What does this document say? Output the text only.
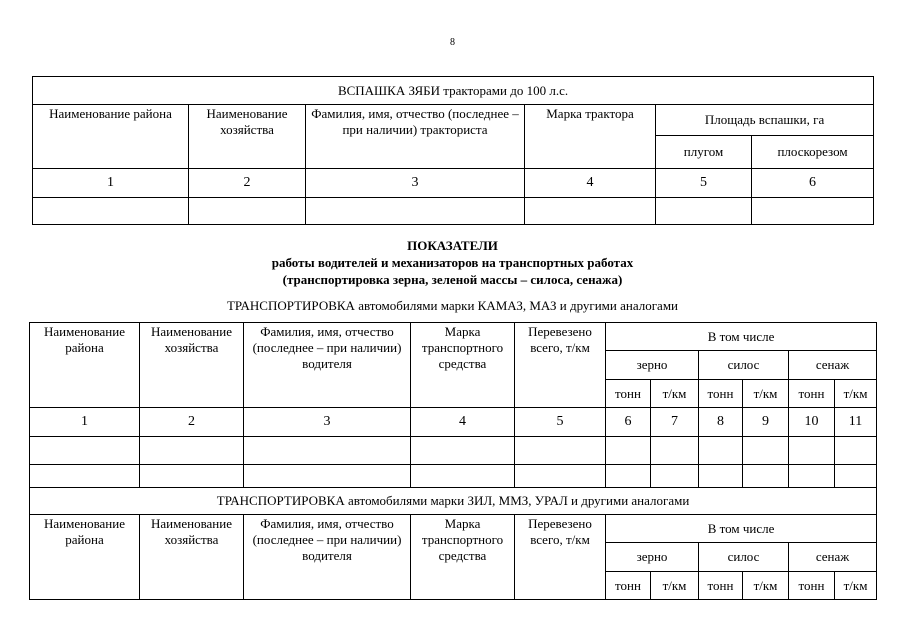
8
ВСПАШКА ЗЯБИ тракторами до 100 л.с.					
Наименование района	Наименование хозяйства	Фамилия, имя, отчество (последнее – при наличии) тракториста	Марка трактора	Площадь вспашки, га	
				плугом	плоскорезом
1	2	3	4	5	6

ПОКАЗАТЕЛИ
работы водителей и механизаторов на транспортных работах
(транспортировка зерна, зеленой массы – силоса, сенажа)
ТРАНСПОРТИРОВКА автомобилями марки КАМАЗ, МАЗ и другими аналогами
Наименование района	Наименование хозяйства	Фамилия, имя, отчество (последнее – при наличии) водителя	Марка транспортного средства	Перевезено всего, т/км	В том числе					
					зерно		силос		сенаж	
					тонн	т/км	тонн	т/км	тонн	т/км
1	2	3	4	5	6	7	8	9	10	11

ТРАНСПОРТИРОВКА автомобилями марки ЗИЛ, ММЗ, УРАЛ и другими аналогами										
Наименование района	Наименование хозяйства	Фамилия, имя, отчество (последнее – при наличии) водителя	Марка транспортного средства	Перевезено всего, т/км	В том числе					
					зерно		силос		сенаж	
					тонн	т/км	тонн	т/км	тонн	т/км
